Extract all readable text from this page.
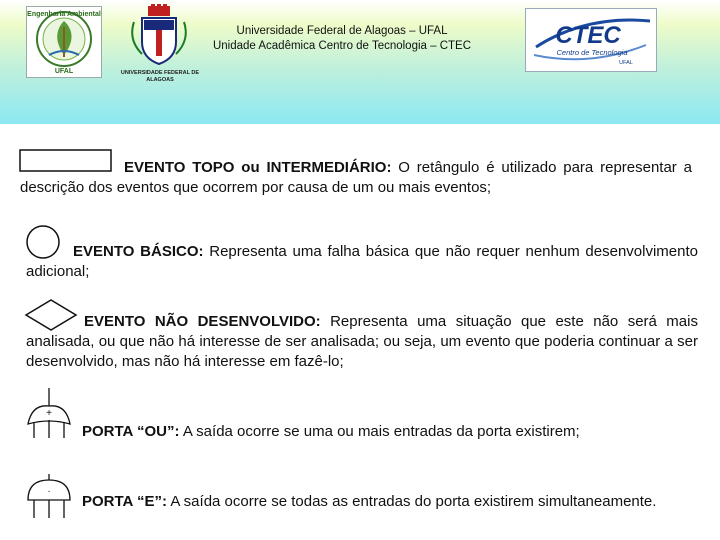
Engenharia Ambiental
UFAL	UNIVERSIDADE FEDERAL DE ALAGOAS
Universidade Federal de Alagoas – UFAL
Unidade Acadêmica Centro de Tecnologia – CTEC	CTEC
Centro de Tecnologia
UFAL
EVENTO TOPO ou INTERMEDIÁRIO: O retângulo é utilizado para representar a descrição dos eventos que ocorrem por causa de um ou mais eventos;
EVENTO BÁSICO: Representa uma falha básica que não requer nenhum desenvolvimento adicional;
EVENTO NÃO DESENVOLVIDO: Representa uma situação que este não será mais analisada, ou que não há interesse de ser analisada; ou seja, um evento que poderia continuar a ser desenvolvido, mas não há interesse em fazê-lo;
+
PORTA “OU”: A saída ocorre se uma ou mais entradas da porta existirem;
·
PORTA “E”: A saída ocorre se todas as entradas do porta existirem simultaneamente.
